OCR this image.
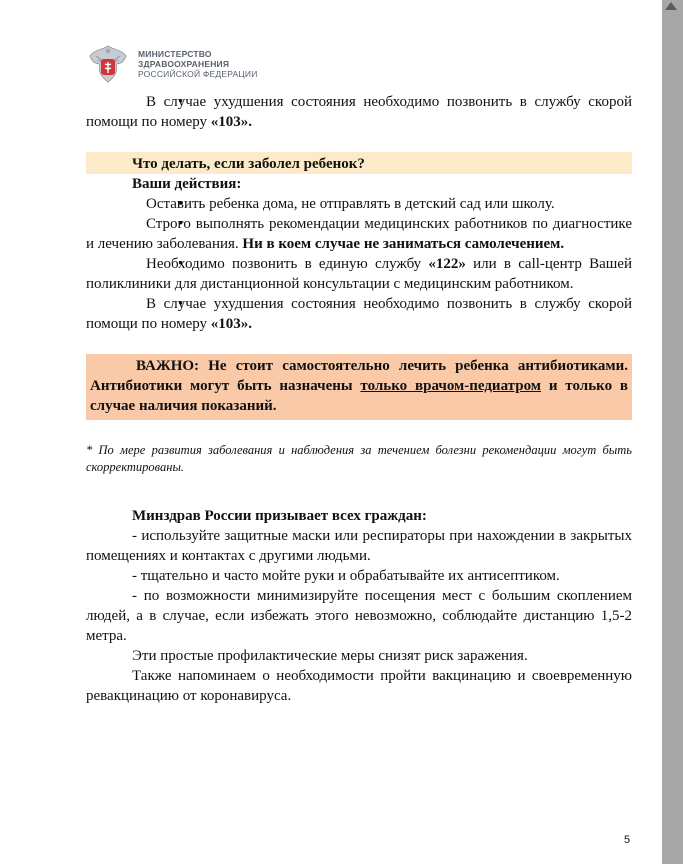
МИНИСТЕРСТВО
ЗДРАВООХРАНЕНИЯ
РОССИЙСКОЙ ФЕДЕРАЦИИ

• В случае ухудшения состояния необходимо позвонить в службу скорой помощи по номеру «103».

Что делать, если заболел ребенок?

Ваши действия:

• Оставить ребенка дома, не отправлять в детский сад или школу.

• Строго выполнять рекомендации медицинских работников по диагностике и лечению заболевания. Ни в коем случае не заниматься самолечением.

• Необходимо позвонить в единую службу «122» или в call-центр Вашей поликлиники для дистанционной консультации с медицинским работником.

• В случае ухудшения состояния необходимо позвонить в службу скорой помощи по номеру «103».

ВАЖНО: Не стоит самостоятельно лечить ребенка антибиотиками. Антибиотики могут быть назначены только врачом-педиатром и только в случае наличия показаний.

* По мере развития заболевания и наблюдения за течением болезни рекомендации могут быть скорректированы.

Минздрав России призывает всех граждан:

- используйте защитные маски или респираторы при нахождении в закрытых помещениях и контактах с другими людьми.

- тщательно и часто мойте руки и обрабатывайте их антисептиком.

- по возможности минимизируйте посещения мест с большим скоплением людей, а в случае, если избежать этого невозможно, соблюдайте дистанцию 1,5-2 метра.

Эти простые профилактические меры снизят риск заражения.

Также напоминаем о необходимости пройти вакцинацию и своевременную ревакцинацию от коронавируса.

5
